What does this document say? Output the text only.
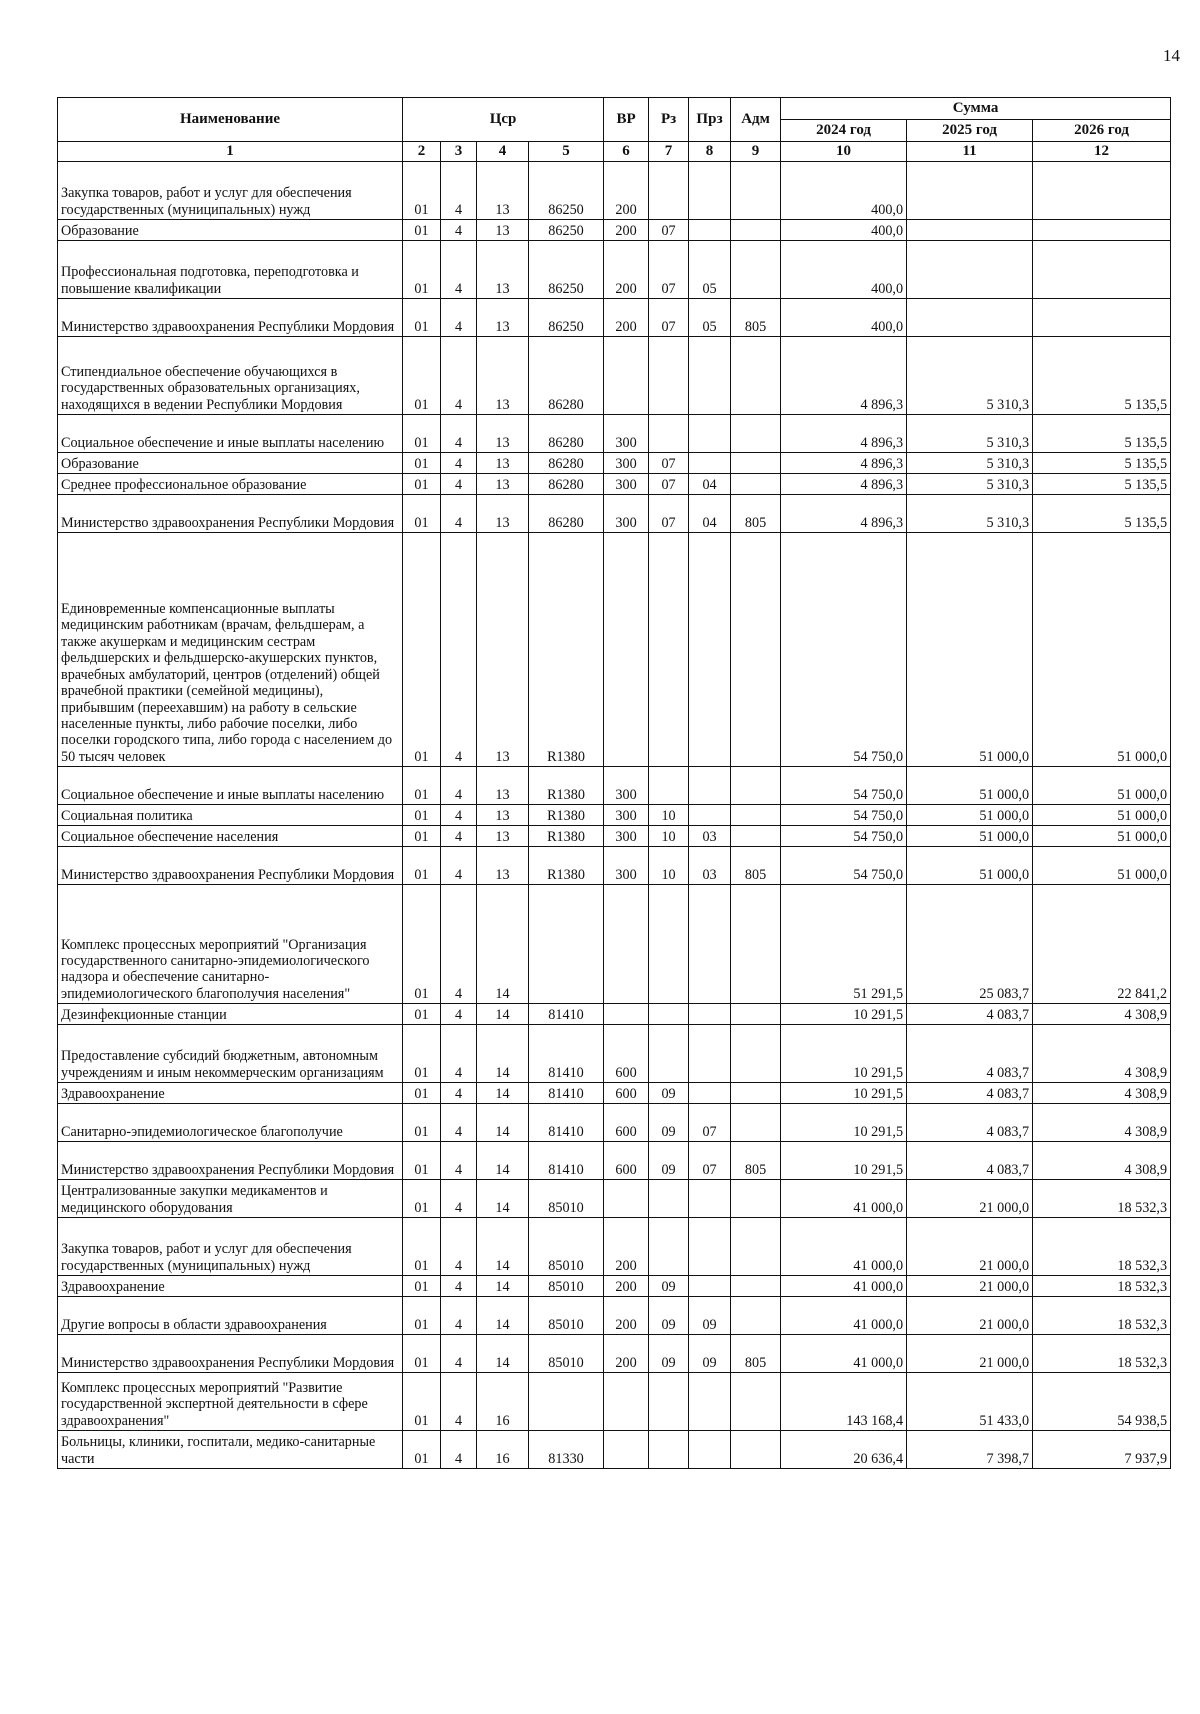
14
Наименование	Цср				ВР	Рз	Прз	Адм	Сумма		
									2024 год	2025 год	2026 год
1	2	3	4	5	6	7	8	9	10	11	12
Закупка товаров, работ и услуг для обеспечения государственных (муниципальных) нужд	01	4	13	86250	200				400,0		
Образование	01	4	13	86250	200	07			400,0		
Профессиональная подготовка, переподготовка и повышение квалификации	01	4	13	86250	200	07	05		400,0		
Министерство здравоохранения Республики Мордовия	01	4	13	86250	200	07	05	805	400,0		
Стипендиальное обеспечение обучающихся в государственных образовательных организациях, находящихся в ведении Республики Мордовия	01	4	13	86280					4 896,3	5 310,3	5 135,5
Социальное обеспечение и иные выплаты населению	01	4	13	86280	300				4 896,3	5 310,3	5 135,5
Образование	01	4	13	86280	300	07			4 896,3	5 310,3	5 135,5
Среднее профессиональное образование	01	4	13	86280	300	07	04		4 896,3	5 310,3	5 135,5
Министерство здравоохранения Республики Мордовия	01	4	13	86280	300	07	04	805	4 896,3	5 310,3	5 135,5
Единовременные компенсационные выплаты медицинским работникам (врачам, фельдшерам, а также акушеркам и медицинским сестрам фельдшерских и фельдшерско-акушерских пунктов, врачебных амбулаторий, центров (отделений) общей врачебной практики (семейной медицины), прибывшим (переехавшим) на работу в сельские населенные пункты, либо рабочие поселки, либо поселки городского типа, либо города с населением до 50 тысяч человек	01	4	13	R1380					54 750,0	51 000,0	51 000,0
Социальное обеспечение и иные выплаты населению	01	4	13	R1380	300				54 750,0	51 000,0	51 000,0
Социальная политика	01	4	13	R1380	300	10			54 750,0	51 000,0	51 000,0
Социальное обеспечение населения	01	4	13	R1380	300	10	03		54 750,0	51 000,0	51 000,0
Министерство здравоохранения Республики Мордовия	01	4	13	R1380	300	10	03	805	54 750,0	51 000,0	51 000,0
Комплекс процессных мероприятий "Организация государственного санитарно-эпидемиологического надзора и обеспечение санитарно-эпидемиологического благополучия населения"	01	4	14						51 291,5	25 083,7	22 841,2
Дезинфекционные станции	01	4	14	81410					10 291,5	4 083,7	4 308,9
Предоставление субсидий бюджетным, автономным учреждениям и иным некоммерческим организациям	01	4	14	81410	600				10 291,5	4 083,7	4 308,9
Здравоохранение	01	4	14	81410	600	09			10 291,5	4 083,7	4 308,9
Санитарно-эпидемиологическое благополучие	01	4	14	81410	600	09	07		10 291,5	4 083,7	4 308,9
Министерство здравоохранения Республики Мордовия	01	4	14	81410	600	09	07	805	10 291,5	4 083,7	4 308,9
Централизованные закупки медикаментов и медицинского оборудования	01	4	14	85010					41 000,0	21 000,0	18 532,3
Закупка товаров, работ и услуг для обеспечения государственных (муниципальных) нужд	01	4	14	85010	200				41 000,0	21 000,0	18 532,3
Здравоохранение	01	4	14	85010	200	09			41 000,0	21 000,0	18 532,3
Другие вопросы в области здравоохранения	01	4	14	85010	200	09	09		41 000,0	21 000,0	18 532,3
Министерство здравоохранения Республики Мордовия	01	4	14	85010	200	09	09	805	41 000,0	21 000,0	18 532,3
Комплекс процессных мероприятий "Развитие государственной экспертной деятельности в сфере здравоохранения"	01	4	16						143 168,4	51 433,0	54 938,5
Больницы, клиники, госпитали, медико-санитарные части	01	4	16	81330					20 636,4	7 398,7	7 937,9
